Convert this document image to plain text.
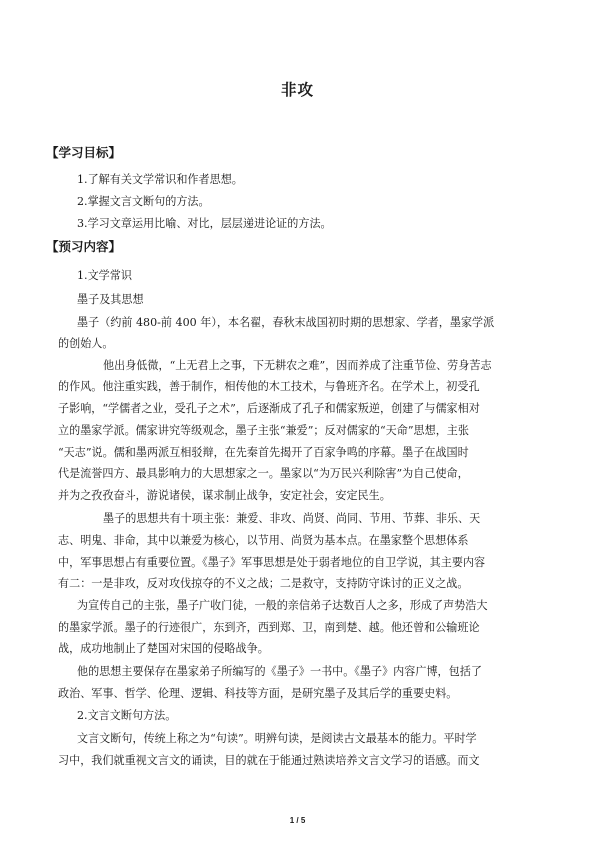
非攻
【学习目标】
1.了解有关文学常识和作者思想。
2.掌握文言文断句的方法。
3.学习文章运用比喻、对比，层层递进论证的方法。
【预习内容】
1.文学常识
墨子及其思想
墨子（约前 480-前 400 年），本名翟，春秋末战国初时期的思想家、学者，墨家学派
的创始人。
他出身低微，“上无君上之事，下无耕农之难”，因而养成了注重节俭、劳身苦志
的作风。他注重实践，善于制作，相传他的木工技术，与鲁班齐名。在学术上，初受孔
子影响，“学儒者之业，受孔子之术”，后逐渐成了孔子和儒家叛逆，创建了与儒家相对
立的墨家学派。儒家讲究等级观念，墨子主张“兼爱”；反对儒家的“天命”思想，主张
“天志”说。儒和墨两派互相驳辩，在先秦首先揭开了百家争鸣的序幕。墨子在战国时
代是流誉四方、最具影响力的大思想家之一。墨家以“为万民兴利除害”为自己使命，
并为之孜孜奋斗，游说诸侯，谋求制止战争，安定社会，安定民生。
墨子的思想共有十项主张：兼爱、非攻、尚贤、尚同、节用、节葬、非乐、天
志、明鬼、非命，其中以兼爱为核心，以节用、尚贤为基本点。在墨家整个思想体系
中，军事思想占有重要位置。《墨子》军事思想是处于弱者地位的自卫学说，其主要内容
有二：一是非攻，反对攻伐掠夺的不义之战；二是救守，支持防守诛讨的正义之战。
为宣传自己的主张，墨子广收门徒，一般的亲信弟子达数百人之多，形成了声势浩大
的墨家学派。墨子的行迹很广，东到齐，西到郑、卫，南到楚、越。他还曾和公输班论
战，成功地制止了楚国对宋国的侵略战争。
他的思想主要保存在墨家弟子所编写的《墨子》一书中。《墨子》内容广博，包括了
政治、军事、哲学、伦理、逻辑、科技等方面，是研究墨子及其后学的重要史料。
2.文言文断句方法。
文言文断句，传统上称之为“句读”。明辨句读，是阅读古文最基本的能力。平时学
习中，我们就重视文言文的诵读，目的就在于能通过熟读培养文言文学习的语感。而文
1 / 5
